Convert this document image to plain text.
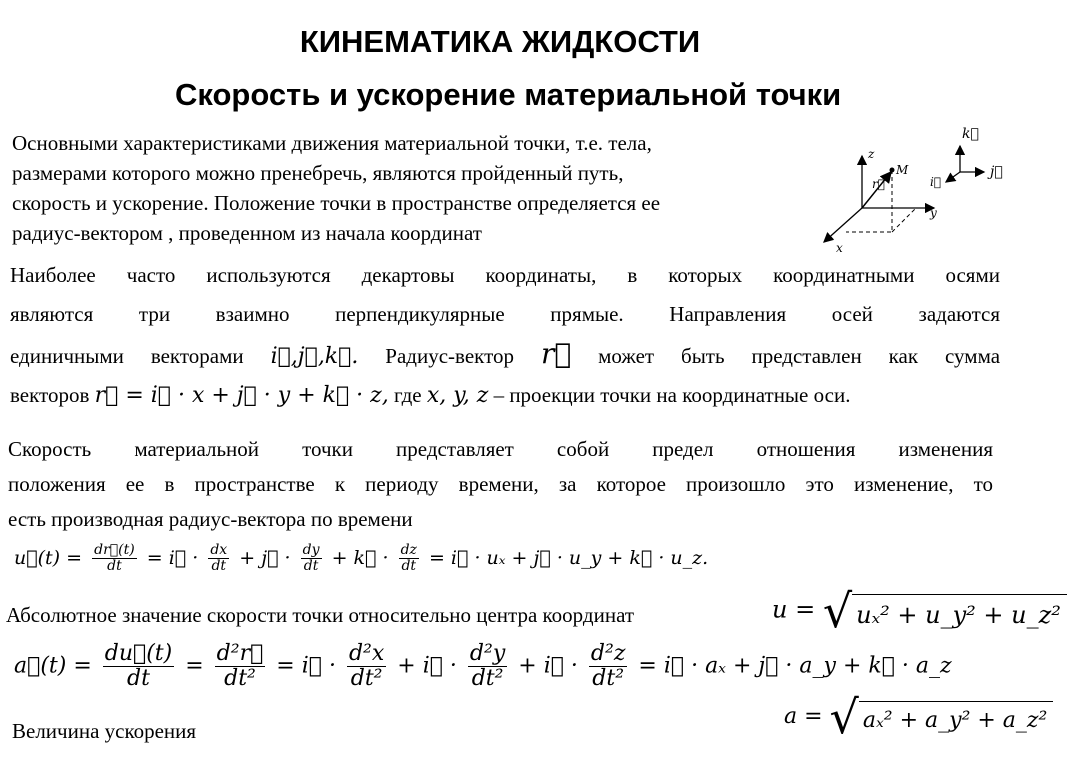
КИНЕМАТИКА ЖИДКОСТИ
Скорость и ускорение материальной точки
Основными характеристиками движения материальной точки, т.е. тела,
размерами которого можно пренебречь, являются пройденный путь,
скорость и ускорение. Положение точки в пространстве определяется ее
радиус-вектором , проведенном из начала координат
z
M
r⃗
y
x
i⃗
j⃗
k⃗
Наиболее часто используются декартовы координаты, в которых координатными осями
являются три взаимно перпендикулярные прямые. Направления осей задаются
единичными векторами i⃗,j⃗,k⃗. Радиус-вектор r⃗ может быть представлен как сумма
векторов r⃗ = i⃗ · x + j⃗ · y + k⃗ · z, где x, y, z – проекции точки на координатные оси.
Скорость материальной точки представляет собой предел отношения изменения
положения ее в пространстве к периоду времени, за которое произошло это изменение, то
есть производная радиус-вектора по времени
u⃗(t) = $\frac{dr⃗(t)}{dt}$ = i⃗ · $\frac{dx}{dt}$ + j⃗ · $\frac{dy}{dt}$ + k⃗ · $\frac{dz}{dt}$ = i⃗ · uₓ + j⃗ · u_y + k⃗ · u_z.
Абсолютное значение скорости точки относительно центра координат	u = √ uₓ² + u_y² + u_z²
a⃗(t) = $\frac{du⃗(t)}{dt} = \frac{\text{d²r⃗}}{\text{dt²}}$ = i⃗ · $\frac{\text{d²x}}{\text{dt²}}$ + i⃗ · $\frac{\text{d²y}}{\text{dt²}}$ + i⃗ · $\frac{\text{d²z}}{\text{dt²}}$ = i⃗ · aₓ + j⃗ · a_y + k⃗ · a_z
Величина ускорения
a = √ aₓ² + a_y² + a_z²
